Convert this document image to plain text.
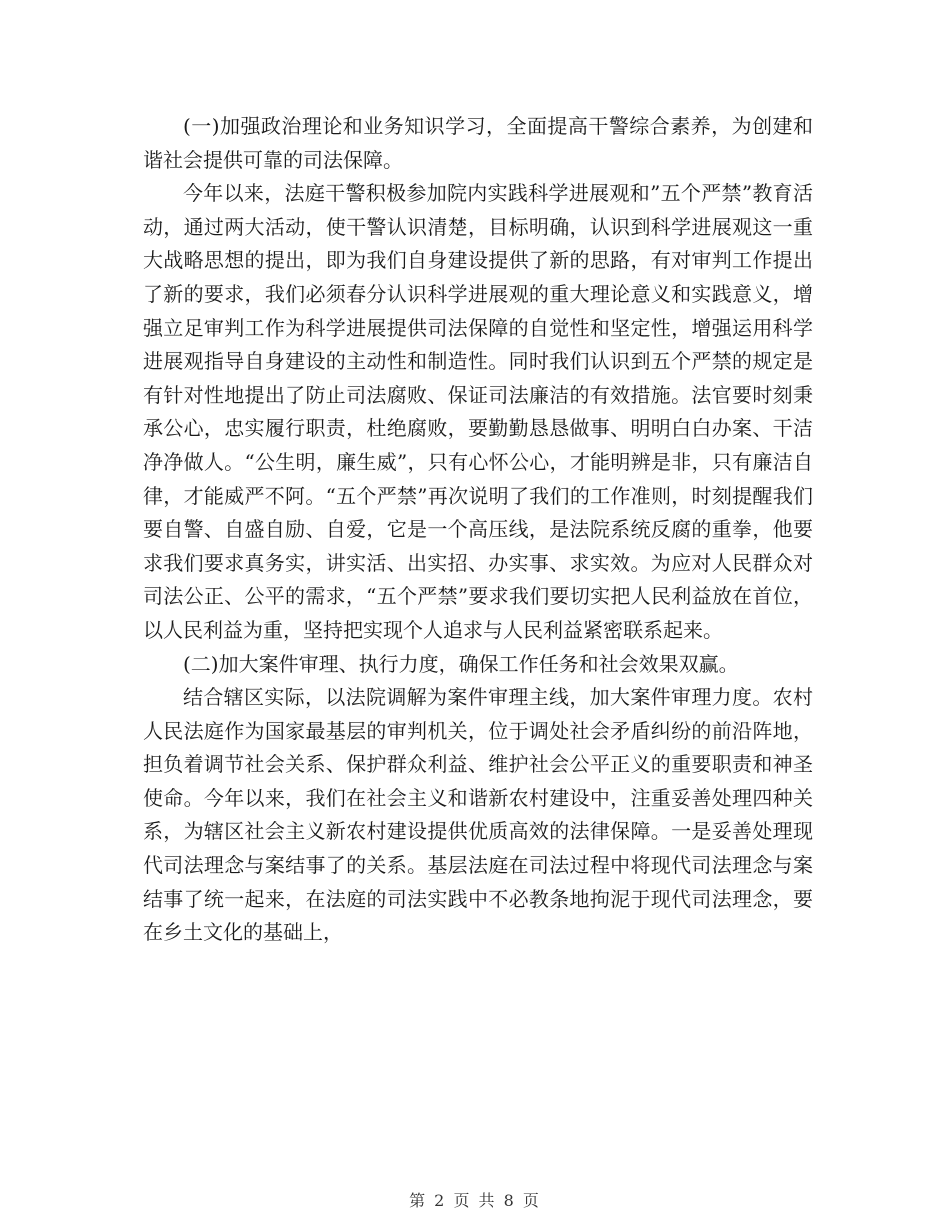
(一)加强政治理论和业务知识学习，全面提高干警综合素养，为创建和谐社会提供可靠的司法保障。

今年以来，法庭干警积极参加院内实践科学进展观和”五个严禁”教育活动，通过两大活动，使干警认识清楚，目标明确，认识到科学进展观这一重大战略思想的提出，即为我们自身建设提供了新的思路，有对审判工作提出了新的要求，我们必须春分认识科学进展观的重大理论意义和实践意义，增强立足审判工作为科学进展提供司法保障的自觉性和坚定性，增强运用科学进展观指导自身建设的主动性和制造性。同时我们认识到五个严禁的规定是有针对性地提出了防止司法腐败、保证司法廉洁的有效措施。法官要时刻秉承公心，忠实履行职责，杜绝腐败，要勤勤恳恳做事、明明白白办案、干洁净净做人。“公生明，廉生威”，只有心怀公心，才能明辨是非，只有廉洁自律，才能威严不阿。“五个严禁”再次说明了我们的工作准则，时刻提醒我们要自警、自盛自励、自爱，它是一个高压线，是法院系统反腐的重拳，他要求我们要求真务实，讲实活、出实招、办实事、求实效。为应对人民群众对司法公正、公平的需求，“五个严禁”要求我们要切实把人民利益放在首位，以人民利益为重，坚持把实现个人追求与人民利益紧密联系起来。

(二)加大案件审理、执行力度，确保工作任务和社会效果双赢。

结合辖区实际，以法院调解为案件审理主线，加大案件审理力度。农村人民法庭作为国家最基层的审判机关，位于调处社会矛盾纠纷的前沿阵地，担负着调节社会关系、保护群众利益、维护社会公平正义的重要职责和神圣使命。今年以来，我们在社会主义和谐新农村建设中，注重妥善处理四种关系，为辖区社会主义新农村建设提供优质高效的法律保障。一是妥善处理现代司法理念与案结事了的关系。基层法庭在司法过程中将现代司法理念与案结事了统一起来，在法庭的司法实践中不必教条地拘泥于现代司法理念，要在乡土文化的基础上，

第 2 页 共 8 页
